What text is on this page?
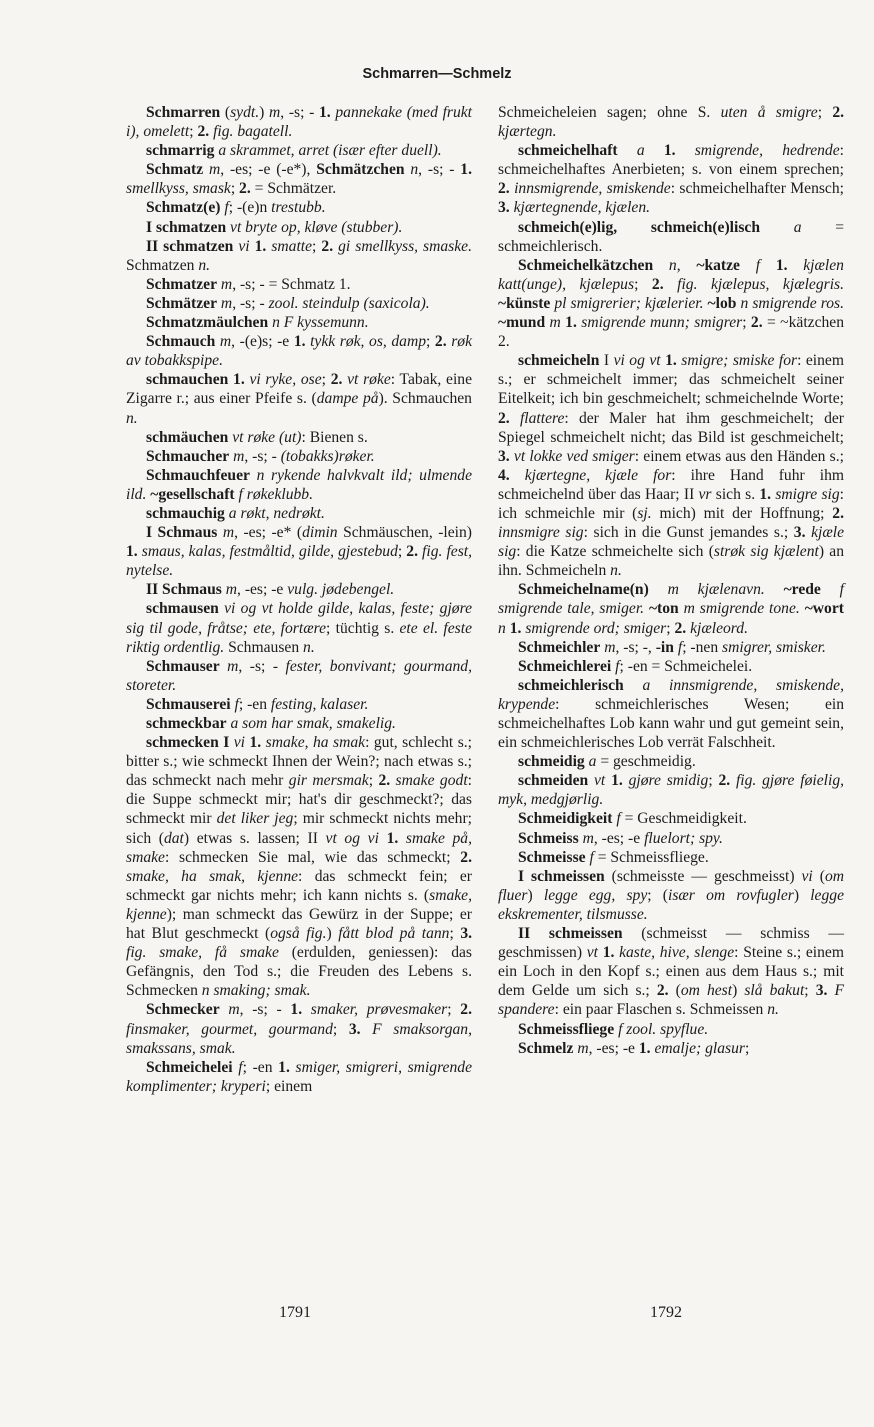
Schmarren—Schmelz

Schmarren (sydt.) m, -s; - 1. pannekake (med frukt i), omelett; 2. fig. bagatell.

schmarrig a skrammet, arret (især efter duell).

Schmatz m, -es; -e (-e*), Schmätzchen n, -s; - 1. smellkyss, smask; 2. = Schmätzer.

Schmatz(e) f; -(e)n trestubb.

I schmatzen vt bryte op, kløve (stubber).

II schmatzen vi 1. smatte; 2. gi smellkyss, smaske. Schmatzen n.

Schmatzer m, -s; - = Schmatz 1.

Schmätzer m, -s; - zool. steindulp (saxicola).

Schmatzmäulchen n F kyssemunn.

Schmauch m, -(e)s; -e 1. tykk røk, os, damp; 2. røk av tobakkspipe.

schmauchen 1. vi ryke, ose; 2. vt røke: Tabak, eine Zigarre r.; aus einer Pfeife s. (dampe på). Schmauchen n.

schmäuchen vt røke (ut): Bienen s.

Schmaucher m, -s; - (tobakks)røker.

Schmauchfeuer n rykende halvkvalt ild; ulmende ild. ~gesellschaft f røkeklubb.

schmauchig a røkt, nedrøkt.

I Schmaus m, -es; -e* (dimin Schmäuschen, -lein) 1. smaus, kalas, festmåltid, gilde, gjestebud; 2. fig. fest, nytelse.

II Schmaus m, -es; -e vulg. jødebengel.

schmausen vi og vt holde gilde, kalas, feste; gjøre sig til gode, fråtse; ete, fortære; tüchtig s. ete el. feste riktig ordentlig. Schmausen n.

Schmauser m, -s; - fester, bonvivant; gourmand, storeter.

Schmauserei f; -en festing, kalaser.

schmeckbar a som har smak, smakelig.

schmecken I vi 1. smake, ha smak: gut, schlecht s.; bitter s.; wie schmeckt Ihnen der Wein?; nach etwas s.; das schmeckt nach mehr gir mersmak; 2. smake godt: die Suppe schmeckt mir; hat's dir geschmeckt?; das schmeckt mir det liker jeg; mir schmeckt nichts mehr; sich (dat) etwas s. lassen; II vt og vi 1. smake på, smake: schmecken Sie mal, wie das schmeckt; 2. smake, ha smak, kjenne: das schmeckt fein; er schmeckt gar nichts mehr; ich kann nichts s. (smake, kjenne); man schmeckt das Gewürz in der Suppe; er hat Blut geschmeckt (også fig.) fått blod på tann; 3. fig. smake, få smake (erdulden, geniessen): das Gefängnis, den Tod s.; die Freuden des Lebens s. Schmecken n smaking; smak.

Schmecker m, -s; - 1. smaker, prøvesmaker; 2. finsmaker, gourmet, gourmand; 3. F smaksorgan, smakssans, smak.

Schmeichelei f; -en 1. smiger, smigreri, smigrende komplimenter; kryperi; einem

Schmeicheleien sagen; ohne S. uten å smigre; 2. kjærtegn.

schmeichelhaft a 1. smigrende, hedrende: schmeichelhaftes Anerbieten; s. von einem sprechen; 2. innsmigrende, smiskende: schmeichelhafter Mensch; 3. kjærtegnende, kjælen.

schmeich(e)lig, schmeich(e)lisch a = schmeichlerisch.

Schmeichelkätzchen n, ~katze f 1. kjælen katt(unge), kjælepus; 2. fig. kjælepus, kjælegris. ~künste pl smigrerier; kjælerier. ~lob n smigrende ros. ~mund m 1. smigrende munn; smigrer; 2. = ~kätzchen 2.

schmeicheln I vi og vt 1. smigre; smiske for: einem s.; er schmeichelt immer; das schmeichelt seiner Eitelkeit; ich bin geschmeichelt; schmeichelnde Worte; 2. flattere: der Maler hat ihm geschmeichelt; der Spiegel schmeichelt nicht; das Bild ist geschmeichelt; 3. vt lokke ved smiger: einem etwas aus den Händen s.; 4. kjærtegne, kjæle for: ihre Hand fuhr ihm schmeichelnd über das Haar; II vr sich s. 1. smigre sig: ich schmeichle mir (sj. mich) mit der Hoffnung; 2. innsmigre sig: sich in die Gunst jemandes s.; 3. kjæle sig: die Katze schmeichelte sich (strøk sig kjælent) an ihn. Schmeicheln n.

Schmeichelname(n) m kjælenavn. ~rede f smigrende tale, smiger. ~ton m smigrende tone. ~wort n 1. smigrende ord; smiger; 2. kjæleord.

Schmeichler m, -s; -, -in f; -nen smigrer, smisker.

Schmeichlerei f; -en = Schmeichelei.

schmeichlerisch a innsmigrende, smiskende, krypende: schmeichlerisches Wesen; ein schmeichelhaftes Lob kann wahr und gut gemeint sein, ein schmeichlerisches Lob verrät Falschheit.

schmeidig a = geschmeidig.

schmeiden vt 1. gjøre smidig; 2. fig. gjøre føielig, myk, medgjørlig.

Schmeidigkeit f = Geschmeidigkeit.

Schmeiss m, -es; -e fluelort; spy.

Schmeisse f = Schmeissfliege.

I schmeissen (schmeisste — geschmeisst) vi (om fluer) legge egg, spy; (især om rovfugler) legge ekskrementer, tilsmusse.

II schmeissen (schmeisst — schmiss — geschmissen) vt 1. kaste, hive, slenge: Steine s.; einem ein Loch in den Kopf s.; einen aus dem Haus s.; mit dem Gelde um sich s.; 2. (om hest) slå bakut; 3. F spandere: ein paar Flaschen s. Schmeissen n.

Schmeissfliege f zool. spyflue.

Schmelz m, -es; -e 1. emalje; glasur;

1791	1792
